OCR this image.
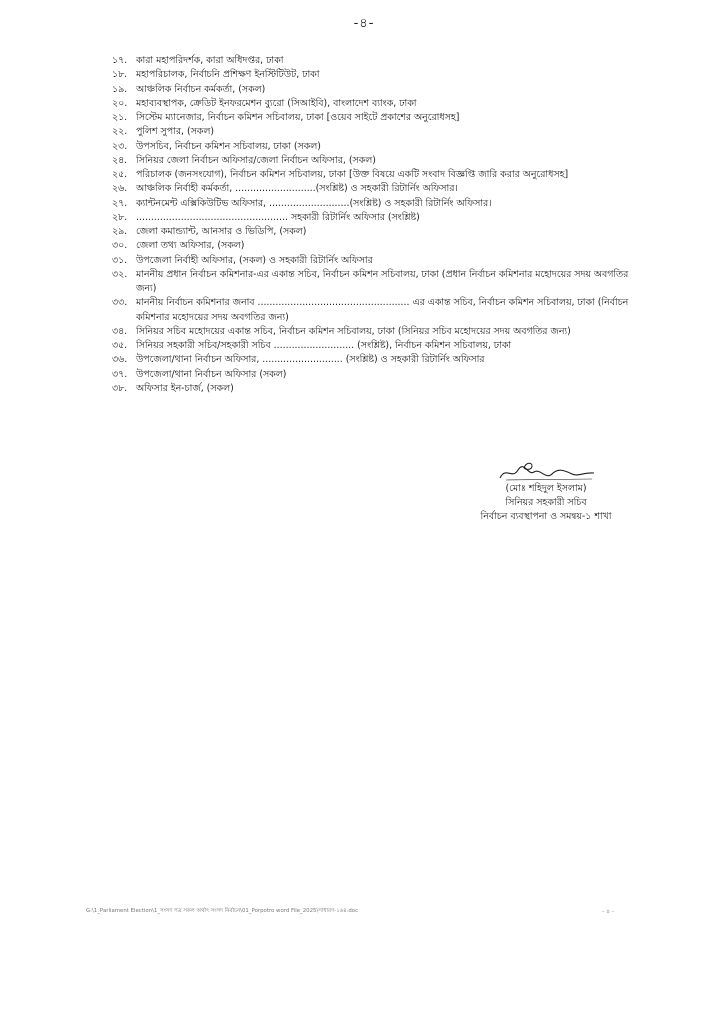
-৪-
১৭. কারা মহাপরিদর্শক, কারা অধিদপ্তর, ঢাকা
১৮. মহাপরিচালক, নির্বাচনি প্রশিক্ষণ ইনস্টিটিউট, ঢাকা
১৯. আঞ্চলিক নির্বাচন কর্মকর্তা, (সকল)
২০. মহাব্যবস্থাপক, ক্রেডিট ইনফরমেশন ব্যুরো (সিআইবি), বাংলাদেশ ব্যাংক, ঢাকা
২১. সিস্টেম ম্যানেজার, নির্বাচন কমিশন সচিবালয়, ঢাকা [ওয়েব সাইটে প্রকাশের অনুরোধসহ]
২২. পুলিশ সুপার, (সকল)
২৩. উপসচিব, নির্বাচন কমিশন সচিবালয়, ঢাকা (সকল)
২৪. সিনিয়র জেলা নির্বাচন অফিসার/জেলা নির্বাচন অফিসার, (সকল)
২৫. পরিচালক (জনসংযোগ), নির্বাচন কমিশন সচিবালয়, ঢাকা [উক্ত বিষয়ে একটি সংবাদ বিজ্ঞপ্তি জারি করার অনুরোধসহ]
২৬. আঞ্চলিক নির্বাহী কর্মকর্তা, ...........................(সংশ্লিষ্ট) ও সহকারী রিটার্নিং অফিসার।
২৭. ক্যান্টনমেন্ট এক্সিকিউটিভ অফিসার, ...........................(সংশ্লিষ্ট) ও সহকারী রিটার্নিং অফিসার।
২৮. ................................................... সহকারী রিটার্নিং অফিসার (সংশ্লিষ্ট)
২৯. জেলা কমান্ড্যান্ট, আনসার ও ভিডিপি, (সকল)
৩০. জেলা তথ্য অফিসার, (সকল)
৩১. উপজেলা নির্বাহী অফিসার, (সকল) ও সহকারী রিটার্নিং অফিসার
৩২. মাননীয় প্রধান নির্বাচন কমিশনার-এর একান্ত সচিব, নির্বাচন কমিশন সচিবালয়, ঢাকা (প্রধান নির্বাচন কমিশনার মহোদয়ের সদয় অবগতির জন্য)
৩৩. মাননীয় নির্বাচন কমিশনার জনাব ................................................... এর একান্ত সচিব, নির্বাচন কমিশন সচিবালয়, ঢাকা (নির্বাচন কমিশনার মহোদয়ের সদয় অবগতির জন্য)
৩৪. সিনিয়র সচিব মহোদয়ের একান্ত সচিব, নির্বাচন কমিশন সচিবালয়, ঢাকা (সিনিয়র সচিব মহোদয়ের সদয় অবগতির জন্য)
৩৫. সিনিয়র সহকারী সচিব/সহকারী সচিব ........................... (সংশ্লিষ্ট), নির্বাচন কমিশন সচিবালয়, ঢাকা
৩৬. উপজেলা/থানা নির্বাচন অফিসার, ........................... (সংশ্লিষ্ট) ও সহকারী রিটার্নিং অফিসার
৩৭. উপজেলা/থানা নির্বাচন অফিসার (সকল)
৩৮. অফিসার ইন-চার্জ, (সকল)
(মোঃ শহিদুল ইসলাম)
সিনিয়র সহকারী সচিব
নির্বাচন ব্যবস্থাপনা ও সমন্বয়-১ শাখা
G:\1_Parliament Election\1_সংসদ পত্র সকল অর্থাৎ সংসদ নির্বাচন\01_Porpotro word File_2025\সাধারণ-১৬৪.doc	- ৪ -
